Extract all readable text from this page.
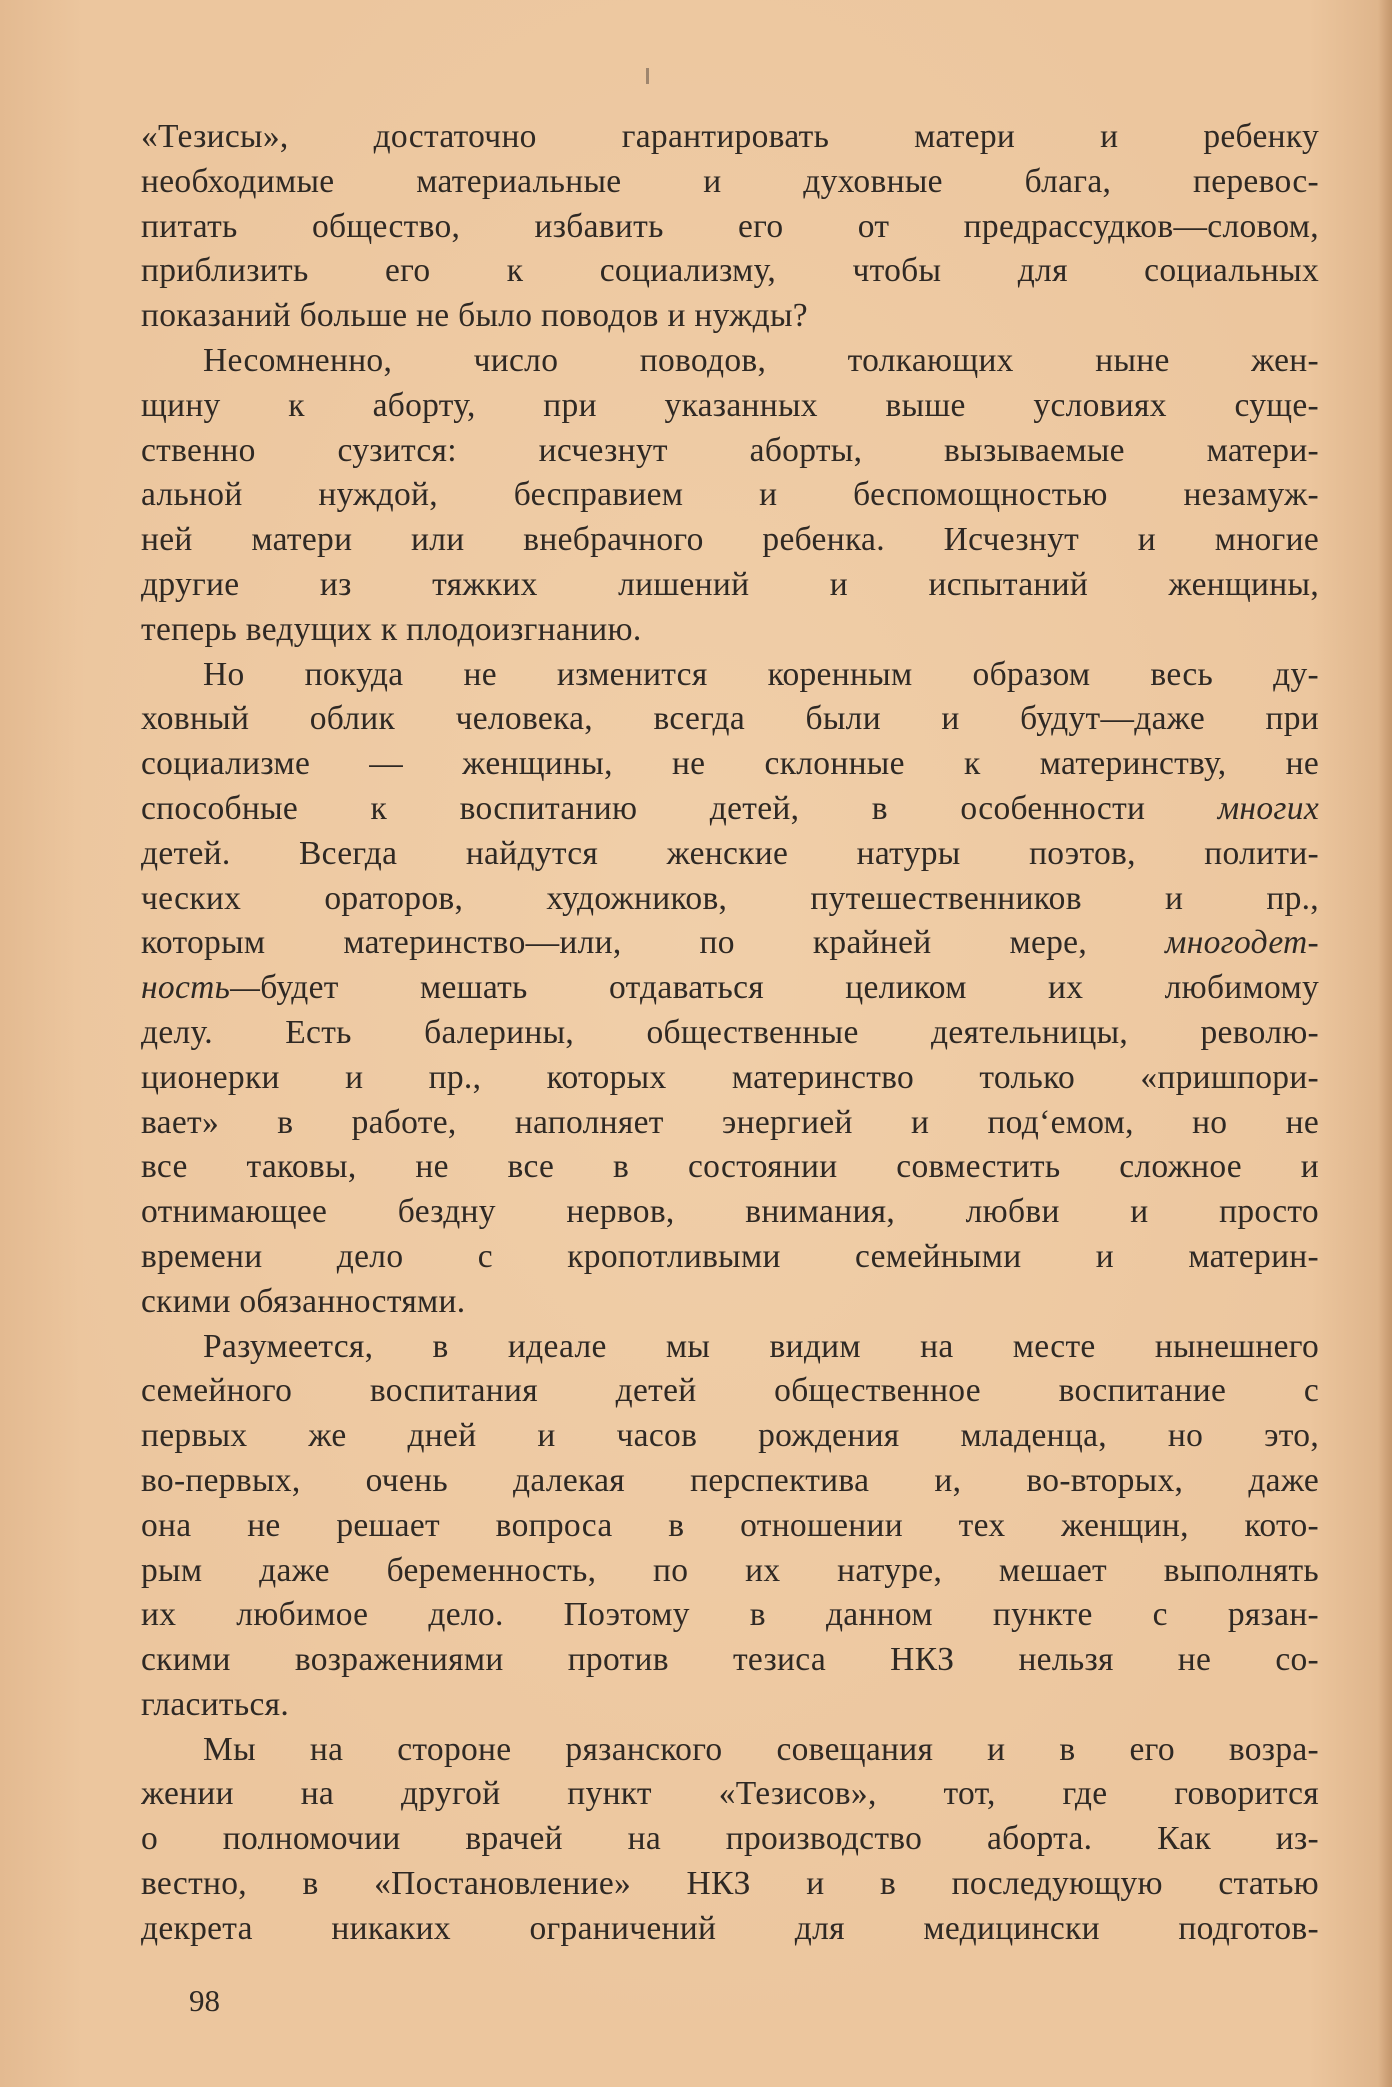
«Тезисы», достаточно гарантировать матери и ребенку
необходимые материальные и духовные блага, перевос-
питать общество, избавить его от предрассудков—словом,
приблизить его к социализму, чтобы для социальных
показаний больше не было поводов и нужды?
Несомненно, число поводов, толкающих ныне жен-
щину к аборту, при указанных выше условиях суще-
ственно сузится: исчезнут аборты, вызываемые матери-
альной нуждой, бесправием и беспомощностью незамуж-
ней матери или внебрачного ребенка. Исчезнут и многие
другие из тяжких лишений и испытаний женщины,
теперь ведущих к плодоизгнанию.
Но покуда не изменится коренным образом весь ду-
ховный облик человека, всегда были и будут—даже при
социализме — женщины, не склонные к материнству, не
способные к воспитанию детей, в особенности многих
детей. Всегда найдутся женские натуры поэтов, полити-
ческих ораторов, художников, путешественников и пр.,
которым материнство—или, по крайней мере, многодет-
ность—будет мешать отдаваться целиком их любимому
делу. Есть балерины, общественные деятельницы, револю-
ционерки и пр., которых материнство только «пришпори-
вает» в работе, наполняет энергией и под‘емом, но не
все таковы, не все в состоянии совместить сложное и
отнимающее бездну нервов, внимания, любви и просто
времени дело с кропотливыми семейными и материн-
скими обязанностями.
Разумеется, в идеале мы видим на месте нынешнего
семейного воспитания детей общественное воспитание с
первых же дней и часов рождения младенца, но это,
во-первых, очень далекая перспектива и, во-вторых, даже
она не решает вопроса в отношении тех женщин, кото-
рым даже беременность, по их натуре, мешает выполнять
их любимое дело. Поэтому в данном пункте с рязан-
скими возражениями против тезиса НКЗ нельзя не со-
гласиться.
Мы на стороне рязанского совещания и в его возра-
жении на другой пункт «Тезисов», тот, где говорится
о полномочии врачей на производство аборта. Как из-
вестно, в «Постановление» НКЗ и в последующую статью
декрета никаких ограничений для медицински подготов-
98
